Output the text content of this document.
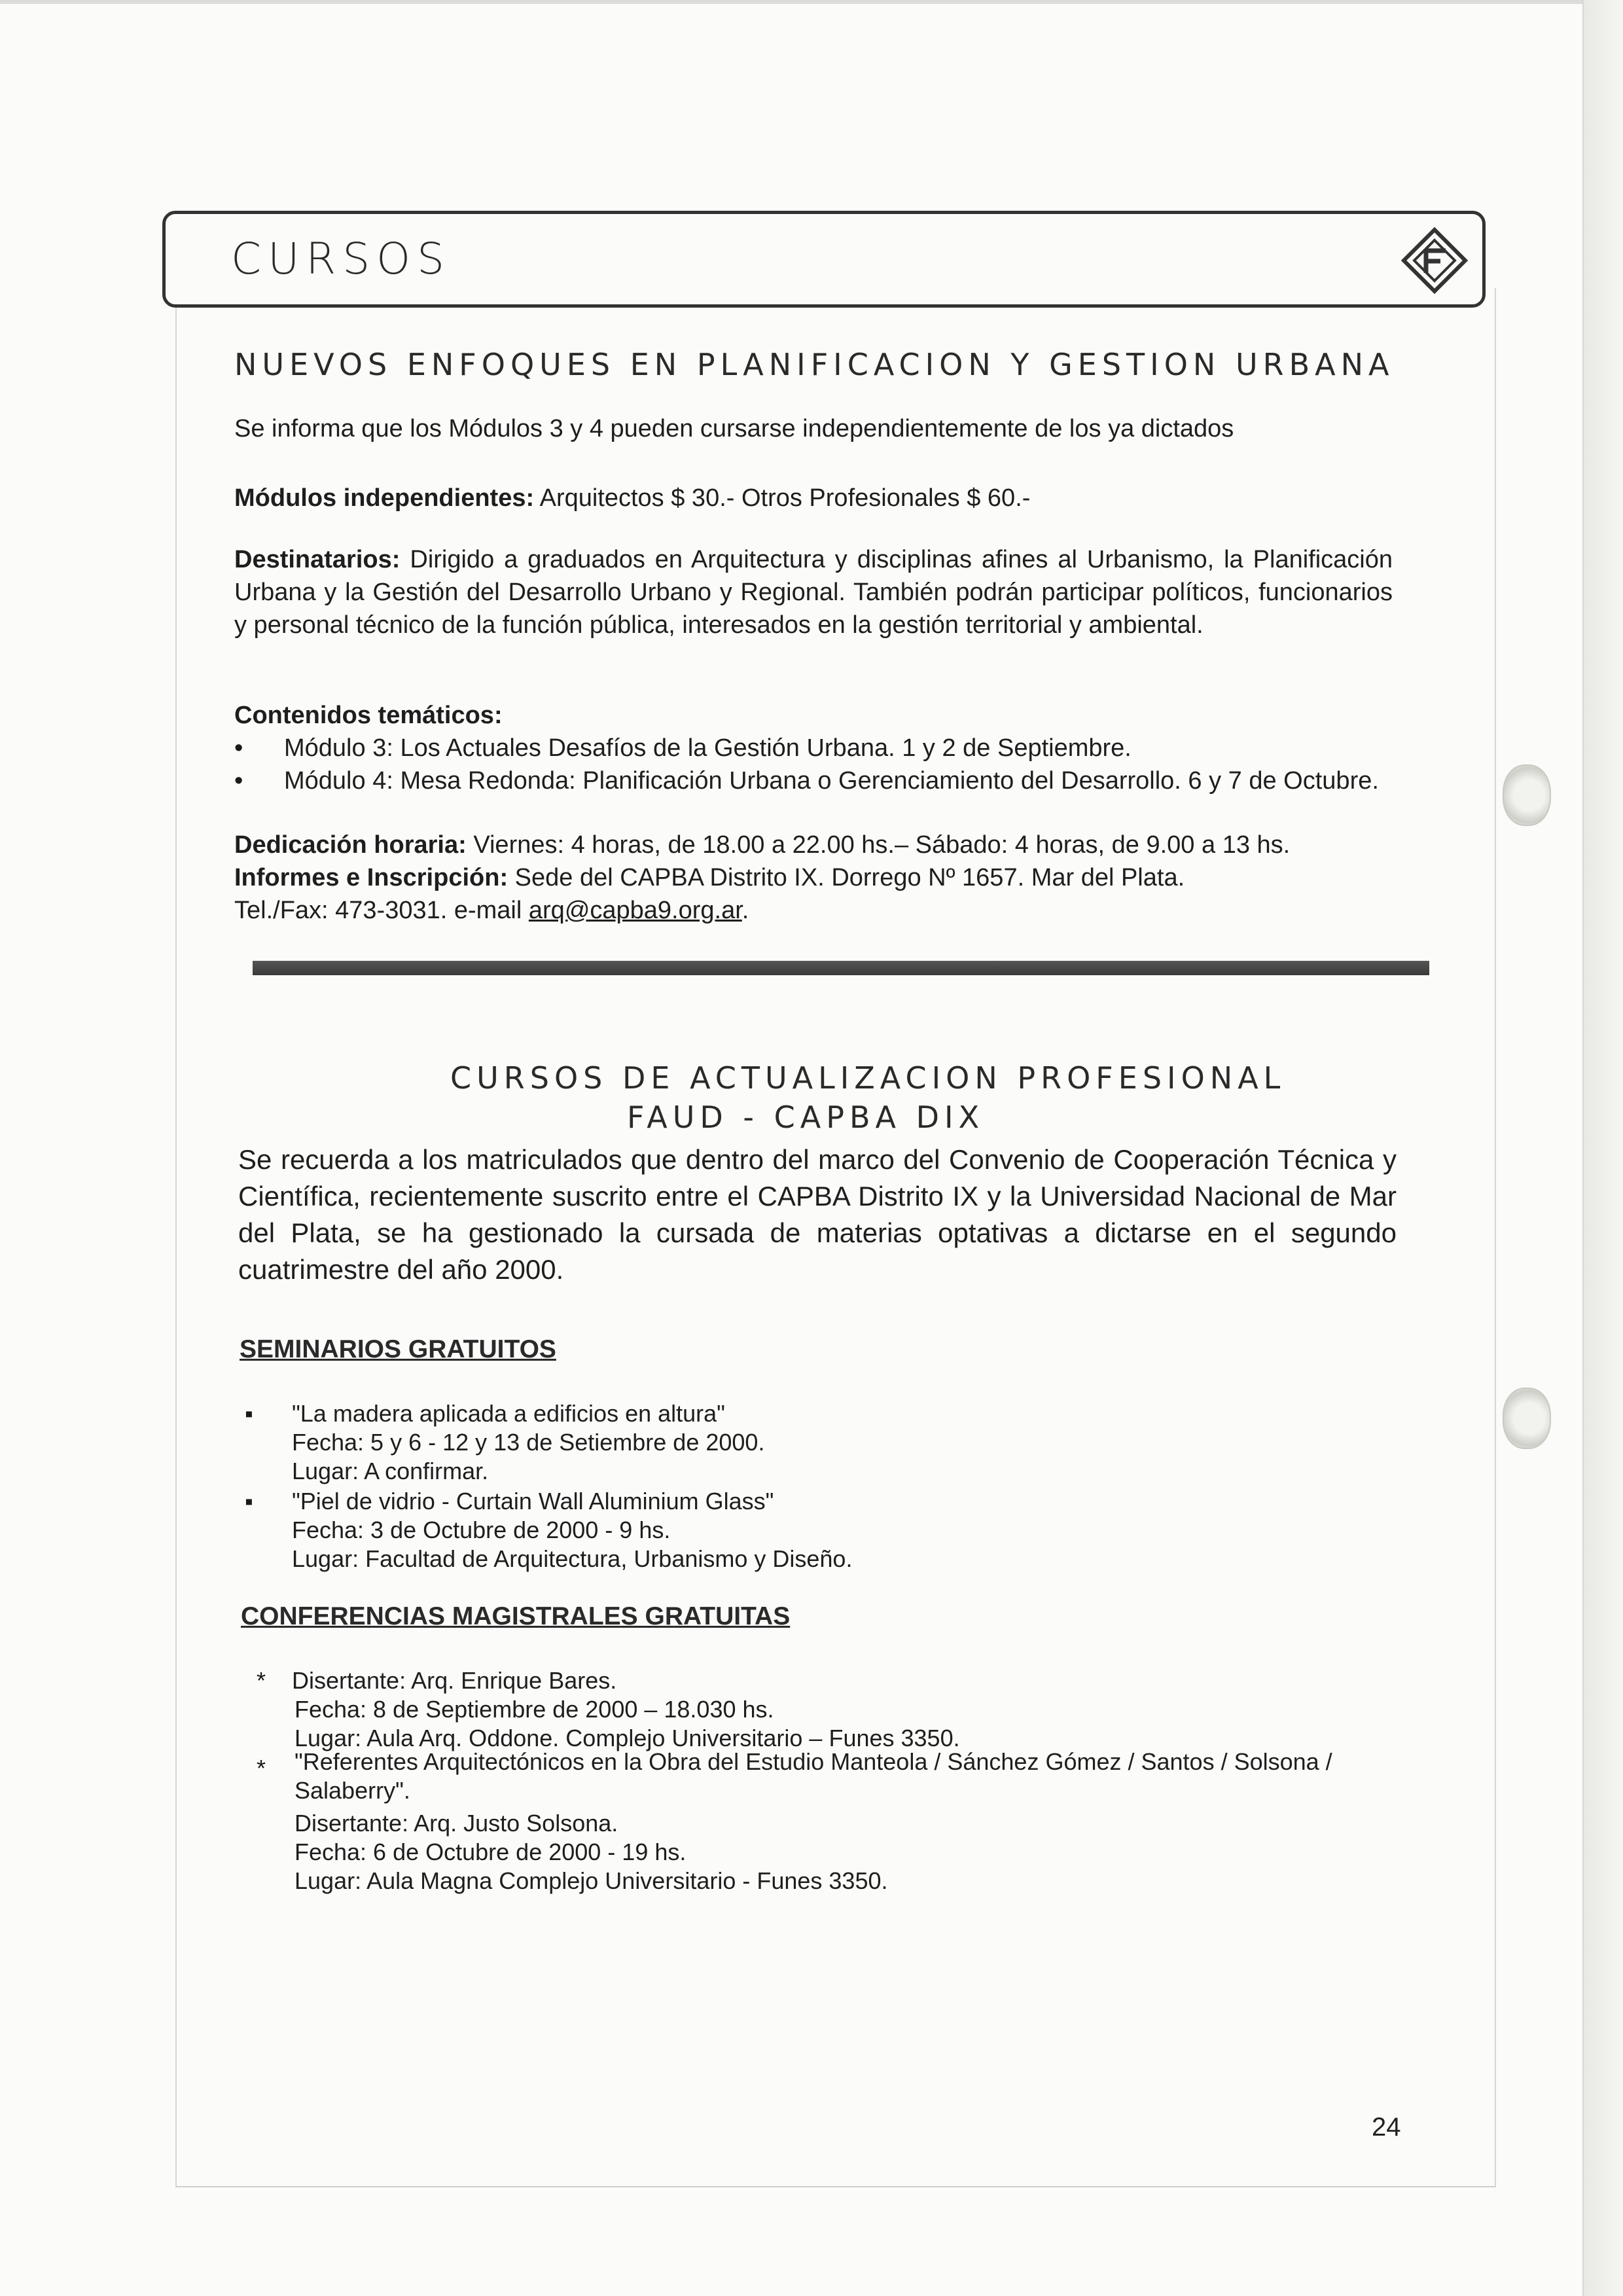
CURSOS
NUEVOS ENFOQUES EN PLANIFICACION Y GESTION URBANA
Se informa que los Módulos 3 y 4 pueden cursarse independientemente de los ya dictados
Módulos independientes: Arquitectos $ 30.- Otros Profesionales $ 60.-
Destinatarios: Dirigido a graduados en Arquitectura y disciplinas afines al Urbanismo, la Planificación Urbana y la Gestión del Desarrollo Urbano y Regional. También podrán participar políticos, funcionarios y personal técnico de la función pública, interesados en la gestión territorial y ambiental.
Contenidos temáticos:
• Módulo 3: Los Actuales Desafíos de la Gestión Urbana. 1 y 2 de Septiembre.
• Módulo 4: Mesa Redonda: Planificación Urbana o Gerenciamiento del Desarrollo. 6 y 7 de Octubre.
Dedicación horaria: Viernes: 4 horas, de 18.00 a 22.00 hs.– Sábado: 4 horas, de 9.00 a 13 hs.
Informes e Inscripción: Sede del CAPBA Distrito IX. Dorrego Nº 1657. Mar del Plata.
Tel./Fax: 473-3031. e-mail arq@capba9.org.ar.
CURSOS DE ACTUALIZACION PROFESIONAL
FAUD - CAPBA DIX
Se recuerda a los matriculados que dentro del marco del Convenio de Cooperación Técnica y Científica, recientemente suscrito entre el CAPBA Distrito IX y la Universidad Nacional de Mar del Plata, se ha gestionado la cursada de materias optativas a dictarse en el segundo cuatrimestre del año 2000.
SEMINARIOS GRATUITOS
▪ "La madera aplicada a edificios en altura"
Fecha: 5 y 6 - 12 y 13 de Setiembre de 2000.
Lugar: A confirmar.
▪ "Piel de vidrio - Curtain Wall Aluminium Glass"
Fecha: 3 de Octubre de 2000 - 9 hs.
Lugar: Facultad de Arquitectura, Urbanismo y Diseño.
CONFERENCIAS MAGISTRALES GRATUITAS
* Disertante: Arq. Enrique Bares.
Fecha: 8 de Septiembre de 2000 – 18.030 hs.
Lugar: Aula Arq. Oddone. Complejo Universitario – Funes 3350.
* "Referentes Arquitectónicos en la Obra del Estudio Manteola / Sánchez Gómez / Santos / Solsona / Salaberry".
Disertante: Arq. Justo Solsona.
Fecha: 6 de Octubre de 2000 - 19 hs.
Lugar: Aula Magna Complejo Universitario - Funes 3350.
24
